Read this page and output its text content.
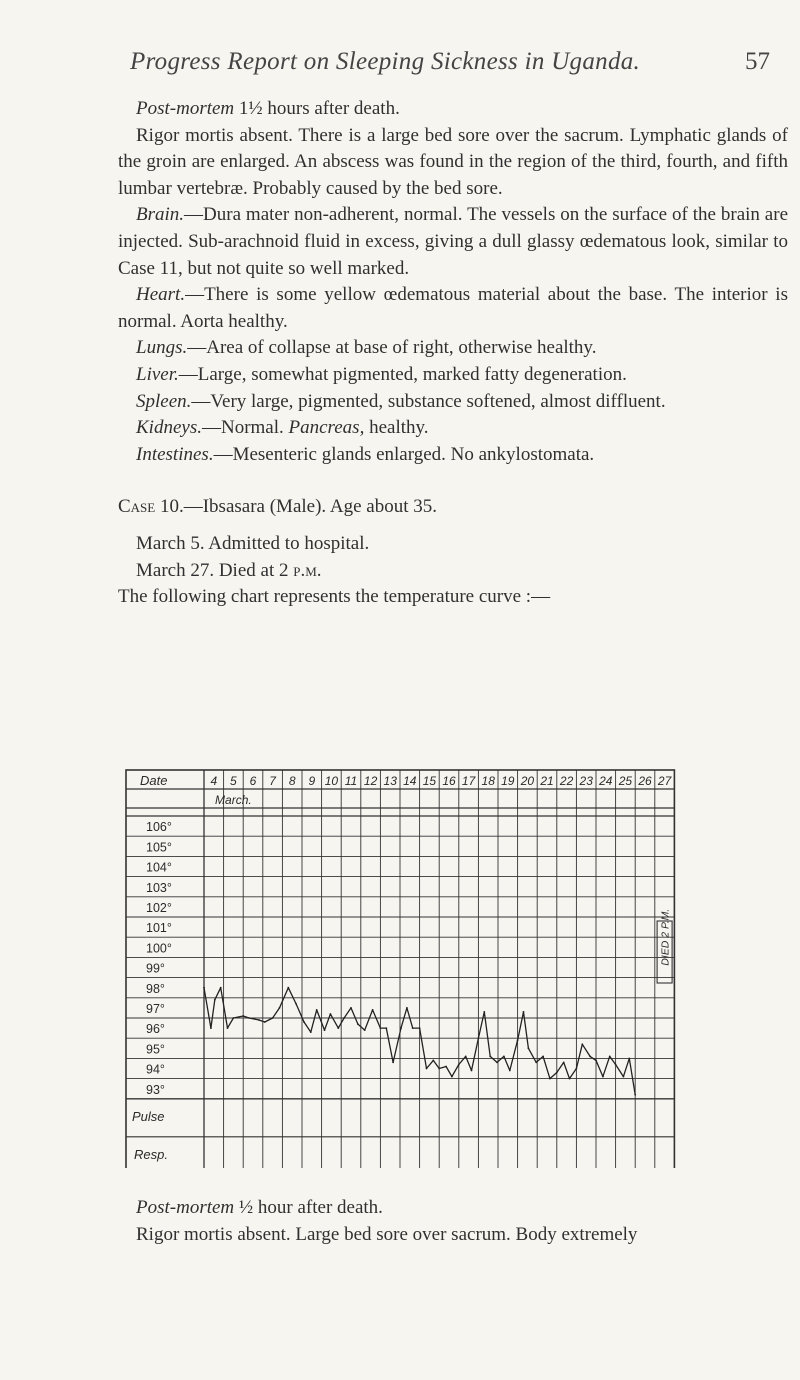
Progress Report on Sleeping Sickness in Uganda.	57

Post-mortem 1½ hours after death.

Rigor mortis absent. There is a large bed sore over the sacrum. Lymphatic glands of the groin are enlarged. An abscess was found in the region of the third, fourth, and fifth lumbar vertebræ. Probably caused by the bed sore.

Brain.—Dura mater non-adherent, normal. The vessels on the surface of the brain are injected. Sub-arachnoid fluid in excess, giving a dull glassy œdematous look, similar to Case 11, but not quite so well marked.

Heart.—There is some yellow œdematous material about the base. The interior is normal. Aorta healthy.

Lungs.—Area of collapse at base of right, otherwise healthy.

Liver.—Large, somewhat pigmented, marked fatty degeneration.

Spleen.—Very large, pigmented, substance softened, almost diffluent.

Kidneys.—Normal. Pancreas, healthy.

Intestines.—Mesenteric glands enlarged. No ankylostomata.

Case 10.—Ibsasara (Male). Age about 35.

March 5. Admitted to hospital.

March 27. Died at 2 p.m.

The following chart represents the temperature curve :—

Date	4 5 6 7 8 9 10 11 12 13 14 15 16 17 18 19 20 21 22 23 24 25 26 27
March.
106°
105°
104°
103°
102°
101°
100°
99°
98°
97°
96°
95°
94°
93°
Pulse
Resp.
DIED 2 P.M.

Post-mortem ½ hour after death.

Rigor mortis absent. Large bed sore over sacrum. Body extremely
